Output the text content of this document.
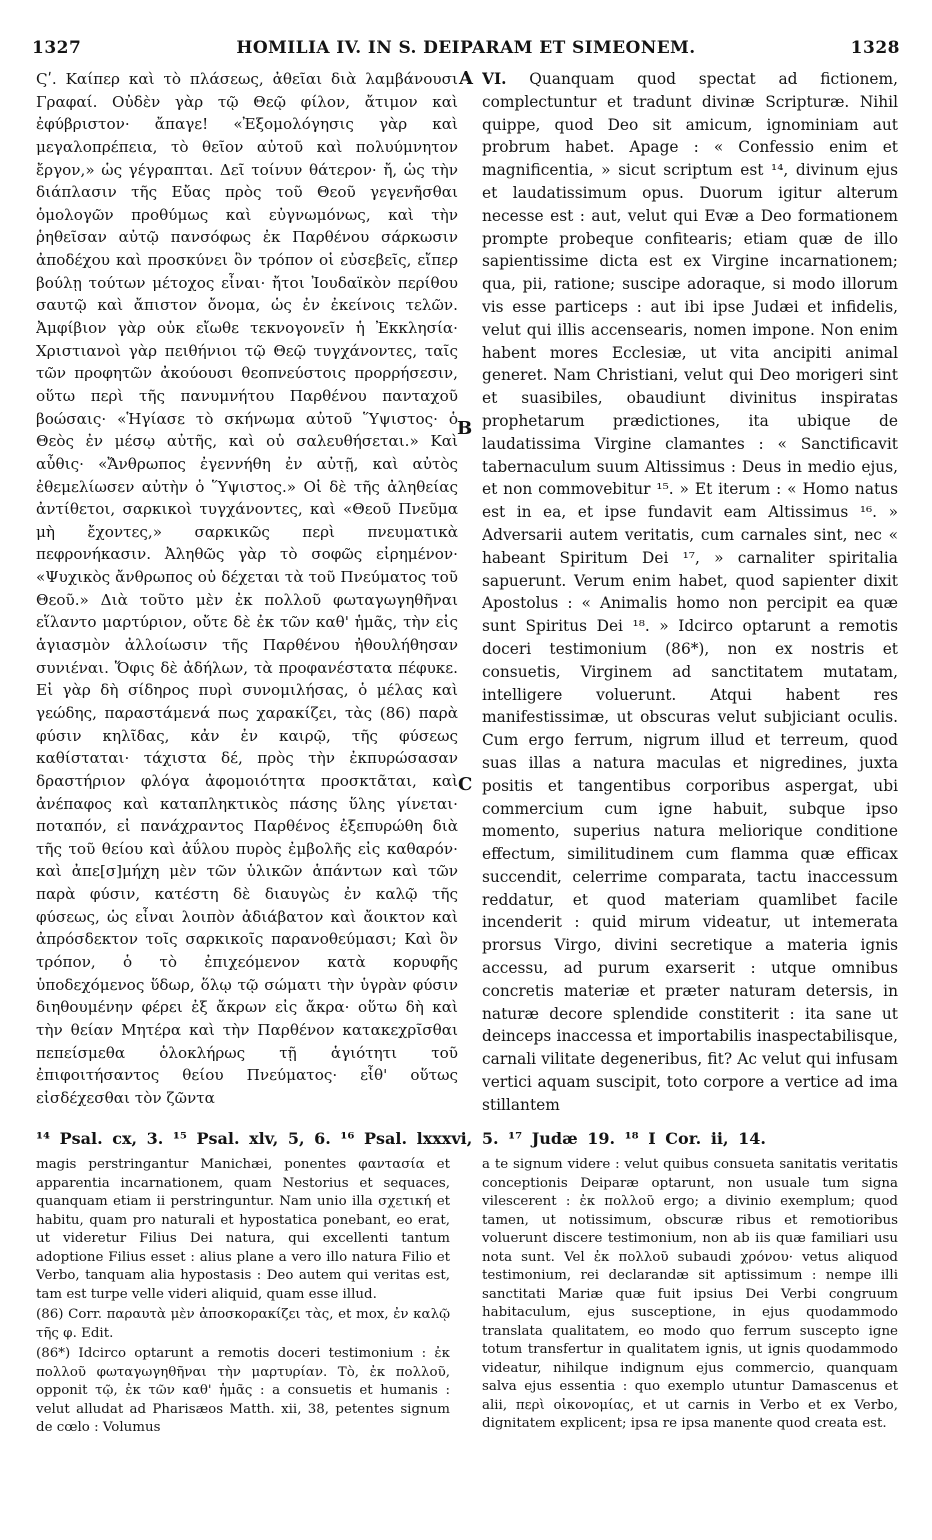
1327	HOMILIA IV. IN S. DEIPARAM ET SIMEONEM.	1328

Ϛʹ. Καίπερ καὶ τὸ πλάσεως, ἀθεῖαι διὰ λαμβάνουσι Γραφαί. Οὐδὲν γὰρ τῷ Θεῷ φίλον, ἄτιμον καὶ ἐφύβριστον· ἄπαγε! «Ἐξομολόγησις γὰρ καὶ μεγαλοπρέπεια, τὸ θεῖον αὐτοῦ καὶ πολυύμνητον ἔργον,» ὡς γέγραπται. Δεῖ τοίνυν θάτερον· ἤ, ὡς τὴν διάπλασιν τῆς Εὔας πρὸς τοῦ Θεοῦ γεγενῆσθαι ὁμολογῶν προθύμως καὶ εὐγνωμόνως, καὶ τὴν ῥηθεῖσαν αὐτῷ πανσόφως ἐκ Παρθένου σάρκωσιν ἀποδέχου καὶ προσκύνει ὃν τρόπον οἱ εὐσεβεῖς, εἴπερ βούλῃ τούτων μέτοχος εἶναι· ἤτοι Ἰουδαϊκὸν περίθου σαυτῷ καὶ ἄπιστον ὄνομα, ὡς ἐν ἐκείνοις τελῶν. Ἀμφίβιον γὰρ οὐκ εἴωθε τεκνογονεῖν ἡ Ἐκκλησία· Χριστιανοὶ γὰρ πειθήνιοι τῷ Θεῷ τυγχάνοντες, ταῖς τῶν προφητῶν ἀκούουσι θεοπνεύστοις προρρήσεσιν, οὕτω περὶ τῆς πανυμνήτου Παρθένου πανταχοῦ βοώσαις· «Ἡγίασε τὸ σκήνωμα αὐτοῦ Ὕψιστος· ὁ Θεὸς ἐν μέσῳ αὐτῆς, καὶ οὐ σαλευθήσεται.» Καὶ αὖθις· «Ἄνθρωπος ἐγεννήθη ἐν αὐτῇ, καὶ αὐτὸς ἐθεμελίωσεν αὐτὴν ὁ Ὕψιστος.» Οἱ δὲ τῆς ἀληθείας ἀντίθετοι, σαρκικοὶ τυγχάνοντες, καὶ «Θεοῦ Πνεῦμα μὴ ἔχοντες,» σαρκικῶς περὶ πνευματικὰ πεφρονήκασιν. Ἀληθῶς γὰρ τὸ σοφῶς εἰρημένον· «Ψυχικὸς ἄνθρωπος οὐ δέχεται τὰ τοῦ Πνεύματος τοῦ Θεοῦ.» Διὰ τοῦτο μὲν ἐκ πολλοῦ φωταγωγηθῆναι εἵλαντο μαρτύριον, οὔτε δὲ ἐκ τῶν καθ' ἡμᾶς, τὴν εἰς ἁγιασμὸν ἀλλοίωσιν τῆς Παρθένου ἠθουλήθησαν συνιέναι. Ὅφις δὲ ἀδήλων, τὰ προφανέστατα πέφυκε. Εἰ γὰρ δὴ σίδηρος πυρὶ συνομιλήσας, ὁ μέλας καὶ γεώδης, παραστάμενά πως χαρακίζει, τὰς (86) παρὰ φύσιν κηλῖδας, κἀν ἐν καιρῷ, τῆς φύσεως καθίσταται· τάχιστα δέ, πρὸς τὴν ἐκπυρώσασαν δραστήριον φλόγα ἀφομοιότητα προσκτᾶται, καὶ ἀνέπαφος καὶ καταπληκτικὸς πάσης ὕλης γίνεται· ποταπόν, εἰ πανάχραντος Παρθένος ἐξεπυρώθη διὰ τῆς τοῦ θείου καὶ ἀΰλου πυρὸς ἐμβολῆς εἰς καθαρόν· καὶ ἀπε[σ]μήχη μὲν τῶν ὑλικῶν ἁπάντων καὶ τῶν παρὰ φύσιν, κατέστη δὲ διαυγὼς ἐν καλῷ τῆς φύσεως, ὡς εἶναι λοιπὸν ἀδιάβατον καὶ ἄοικτον καὶ ἀπρόσδεκτον τοῖς σαρκικοῖς παρανοθεύμασι; Καὶ ὃν τρόπον, ὁ τὸ ἐπιχεόμενον κατὰ κορυφῆς ὑποδεχόμενος ὕδωρ, ὅλῳ τῷ σώματι τὴν ὑγρὰν φύσιν διηθουμένην φέρει ἐξ ἄκρων εἰς ἄκρα· οὕτω δὴ καὶ τὴν θείαν Μητέρα καὶ τὴν Παρθένον κατακεχρῖσθαι πεπείσμεθα ὁλοκλήρως τῇ ἁγιότητι τοῦ ἐπιφοιτήσαντος θείου Πνεύματος· εἶθ' οὕτως εἰσδέχεσθαι τὸν ζῶντα

A
B
C

VI. Quanquam quod spectat ad fictionem, complectuntur et tradunt divinæ Scripturæ. Nihil quippe, quod Deo sit amicum, ignominiam aut probrum habet. Apage : « Confessio enim et magnificentia, » sicut scriptum est ¹⁴, divinum ejus et laudatissimum opus. Duorum igitur alterum necesse est : aut, velut qui Evæ a Deo formationem prompte probeque confitearis; etiam quæ de illo sapientissime dicta est ex Virgine incarnationem; qua, pii, ratione; suscipe adoraque, si modo illorum vis esse particeps : aut ibi ipse Judæi et infidelis, velut qui illis accensearis, nomen impone. Non enim habent mores Ecclesiæ, ut vita ancipiti animal generet. Nam Christiani, velut qui Deo morigeri sint et suasibiles, obaudiunt divinitus inspiratas prophetarum prædictiones, ita ubique de laudatissima Virgine clamantes : « Sanctificavit tabernaculum suum Altissimus : Deus in medio ejus, et non commovebitur ¹⁵. » Et iterum : « Homo natus est in ea, et ipse fundavit eam Altissimus ¹⁶. » Adversarii autem veritatis, cum carnales sint, nec « habeant Spiritum Dei ¹⁷, » carnaliter spiritalia sapuerunt. Verum enim habet, quod sapienter dixit Apostolus : « Animalis homo non percipit ea quæ sunt Spiritus Dei ¹⁸. » Idcirco optarunt a remotis doceri testimonium (86*), non ex nostris et consuetis, Virginem ad sanctitatem mutatam, intelligere voluerunt. Atqui habent res manifestissimæ, ut obscuras velut subjiciant oculis. Cum ergo ferrum, nigrum illud et terreum, quod suas illas a natura maculas et nigredines, juxta positis et tangentibus corporibus aspergat, ubi commercium cum igne habuit, subque ipso momento, superius natura meliorique conditione effectum, similitudinem cum flamma quæ efficax succendit, celerrime comparata, tactu inaccessum reddatur, et quod materiam quamlibet facile incenderit : quid mirum videatur, ut intemerata prorsus Virgo, divini secretique a materia ignis accessu, ad purum exarserit : utque omnibus concretis materiæ et præter naturam detersis, in naturæ decore splendide constiterit : ita sane ut deinceps inaccessa et importabilis inaspectabilisque, carnali vilitate degeneribus, fit? Ac velut qui infusam vertici aquam suscipit, toto corpore a vertice ad ima stillantem

¹⁴ Psal. cx, 3. ¹⁵ Psal. xlv, 5, 6. ¹⁶ Psal. lxxxvi, 5. ¹⁷ Judæ 19. ¹⁸ I Cor. ii, 14.

magis perstringantur Manichæi, ponentes φαντασία et apparentia incarnationem, quam Nestorius et sequaces, quanquam etiam ii perstringuntur. Nam unio illa σχετική et habitu, quam pro naturali et hypostatica ponebant, eo erat, ut videretur Filius Dei natura, qui excellenti tantum adoptione Filius esset : alius plane a vero illo natura Filio et Verbo, tanquam alia hypostasis : Deo autem qui veritas est, tam est turpe velle videri aliquid, quam esse illud.

(86) Corr. παραυτὰ μὲν ἀποσκορακίζει τὰς, et mox, ἐν καλῷ τῆς φ. Edit.

(86*) Idcirco optarunt a remotis doceri testimonium : ἐκ πολλοῦ φωταγωγηθῆναι τὴν μαρτυρίαν. Τὸ, ἐκ πολλοῦ, opponit τῷ, ἐκ τῶν καθ' ἡμᾶς : a consuetis et humanis : velut alludat ad Pharisæos Matth. xii, 38, petentes signum de cœlo : Volumus

a te signum videre : velut quibus consueta sanitatis veritatis conceptionis Deiparæ optarunt, non usuale tum signa vilescerent : ἐκ πολλοῦ ergo; a divinio exemplum; quod tamen, ut notissimum, obscuræ ribus et remotioribus voluerunt discere testimonium, non ab iis quæ familiari usu nota sunt. Vel ἐκ πολλοῦ subaudi χρόνου· vetus aliquod testimonium, rei declarandæ sit aptissimum : nempe illi sanctitati Mariæ quæ fuit ipsius Dei Verbi congruum habitaculum, ejus susceptione, in ejus quodammodo translata qualitatem, eo modo quo ferrum suscepto igne totum transfertur in qualitatem ignis, ut ignis quodammodo videatur, nihilque indignum ejus commercio, quanquam salva ejus essentia : quo exemplo utuntur Damascenus et alii, περὶ οἰκονομίας, et ut carnis in Verbo et ex Verbo, dignitatem explicent; ipsa re ipsa manente quod creata est.
